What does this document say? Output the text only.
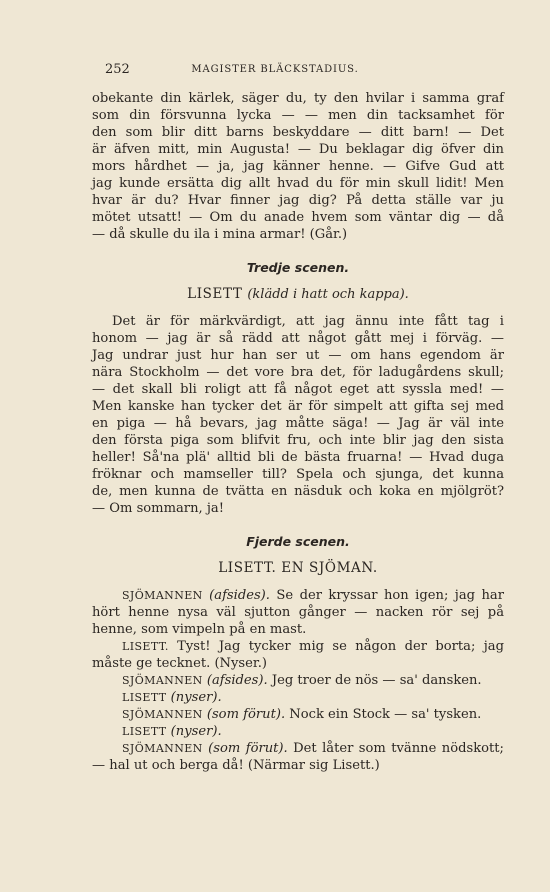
252	MAGISTER BLÄCKSTADIUS.
obekante din kärlek, säger du, ty den hvilar i samma graf
som din försvunna lycka — — men din tacksamhet för
den som blir ditt barns beskyddare — ditt barn! — Det
är äfven mitt, min Augusta! — Du beklagar dig öfver din
mors hårdhet — ja, jag känner henne. — Gifve Gud att
jag kunde ersätta dig allt hvad du för min skull lidit! Men
hvar är du? Hvar finner jag dig? På detta ställe var ju
mötet utsatt! — Om du anade hvem som väntar dig — då
— då skulle du ila i mina armar! (Går.)

Tredje scenen.

LISETT (klädd i hatt och kappa).

Det är för märkvärdigt, att jag ännu inte fått tag i
honom — jag är så rädd att något gått mej i förväg. —
Jag undrar just hur han ser ut — om hans egendom är
nära Stockholm — det vore bra det, för ladugårdens skull;
— det skall bli roligt att få något eget att syssla med! —
Men kanske han tycker det är för simpelt att gifta sej med
en piga — hå bevars, jag måtte säga! — Jag är väl inte
den första piga som blifvit fru, och inte blir jag den sista
heller! Så'na plä' alltid bli de bästa fruarna! — Hvad duga
fröknar och mamseller till? Spela och sjunga, det kunna
de, men kunna de tvätta en näsduk och koka en mjölgröt?
— Om sommarn, ja!

Fjerde scenen.

LISETT. EN SJÖMAN.

SJÖMANNEN (afsides). Se der kryssar hon igen; jag har
hört henne nysa väl sjutton gånger — nacken rör sej på
henne, som vimpeln på en mast.
LISETT. Tyst! Jag tycker mig se någon der borta; jag
måste ge tecknet. (Nyser.)
SJÖMANNEN (afsides). Jeg troer de nös — sa' dansken.
LISETT (nyser).
SJÖMANNEN (som förut). Nock ein Stock — sa' tysken.
LISETT (nyser).
SJÖMANNEN (som förut). Det låter som tvänne nödskott;
— hal ut och berga då! (Närmar sig Lisett.)
